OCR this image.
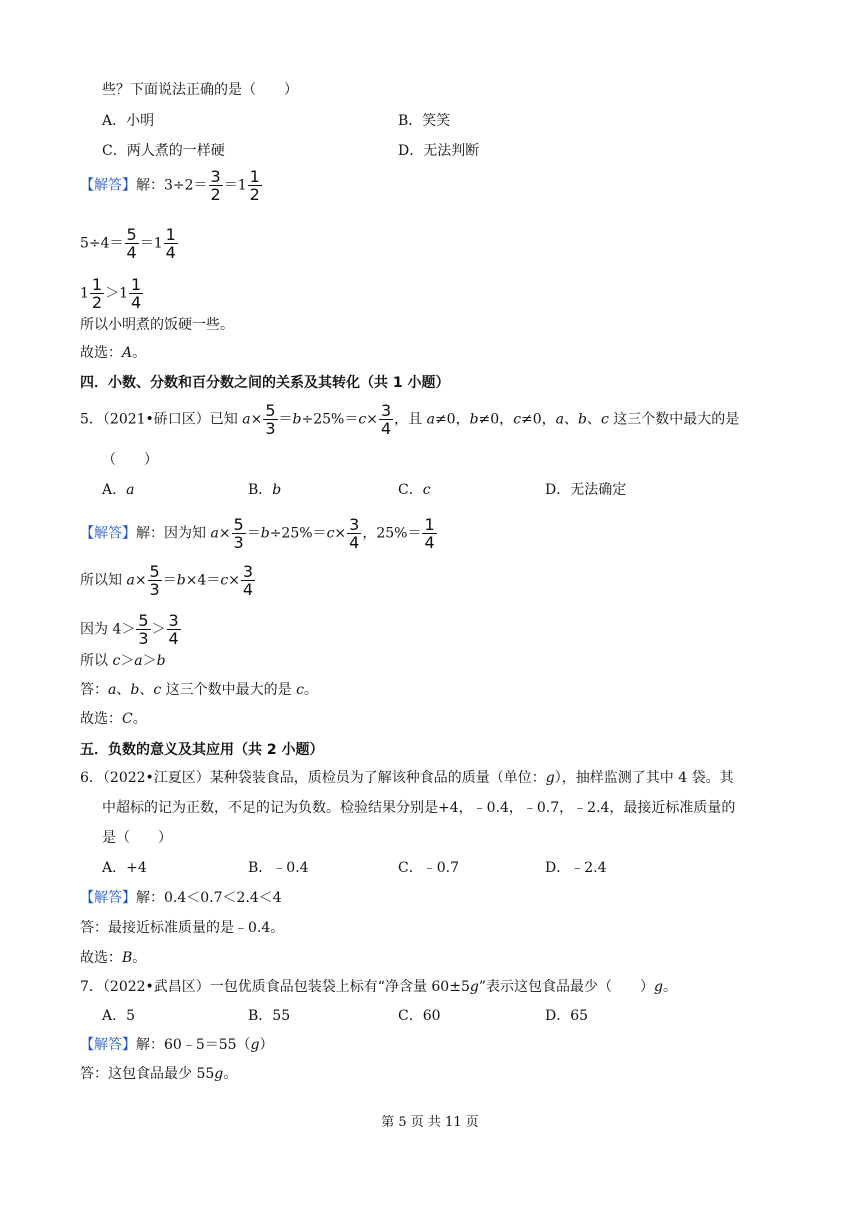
些？下面说法正确的是（　　）
A．小明	B．笑笑
C．两人煮的一样硬	D．无法判断
【解答】解：$3\div 2= \frac{3}{2} =1 \frac{1}{2}$
$5\div 4= \frac{5}{4} =1 \frac{1}{4}$
$1 \frac{1}{2} >1 \frac{1}{4}$
所以小明煮的饭硬一些。
故选：A。
四．小数、分数和百分数之间的关系及其转化（共 1 小题）
5．（2021•硚口区）已知 $a\times \frac{5}{3} =b\div 25\%=c\times \frac{3}{4}$ ，且 a≠0，b≠0，c≠0，a、b、c 这三个数中最大的是
（　　）
A．a	B．b	C．c	D．无法确定
【解答】解：因为知 $a\times \frac{5}{3} =b\div 25\%=c\times \frac{3}{4}$ ，$25\%= \frac{1}{4}$
所以知 $a\times \frac{5}{3} =b\times 4=c\times \frac{3}{4}$
因为 $4> \frac{5}{3} > \frac{3}{4}$
所以 c＞a＞b
答：a、b、c 这三个数中最大的是 c。
故选：C。
五．负数的意义及其应用（共 2 小题）
6．（2022•江夏区）某种袋装食品，质检员为了解该种食品的质量（单位：g），抽样监测了其中 4 袋。其
中超标的记为正数，不足的记为负数。检验结果分别是+4，﹣0.4，﹣0.7，﹣2.4，最接近标准质量的
是（　　）
A．+4	B．﹣0.4	C．﹣0.7	D．﹣2.4
【解答】解：0.4＜0.7＜2.4＜4
答：最接近标准质量的是﹣0.4。
故选：B。
7．（2022•武昌区）一包优质食品包装袋上标有“净含量 60±5g”表示这包食品最少（　　）g。
A．5	B．55	C．60	D．65
【解答】解：60﹣5＝55（g）
答：这包食品最少 55g。
第 5 页 共 11 页
